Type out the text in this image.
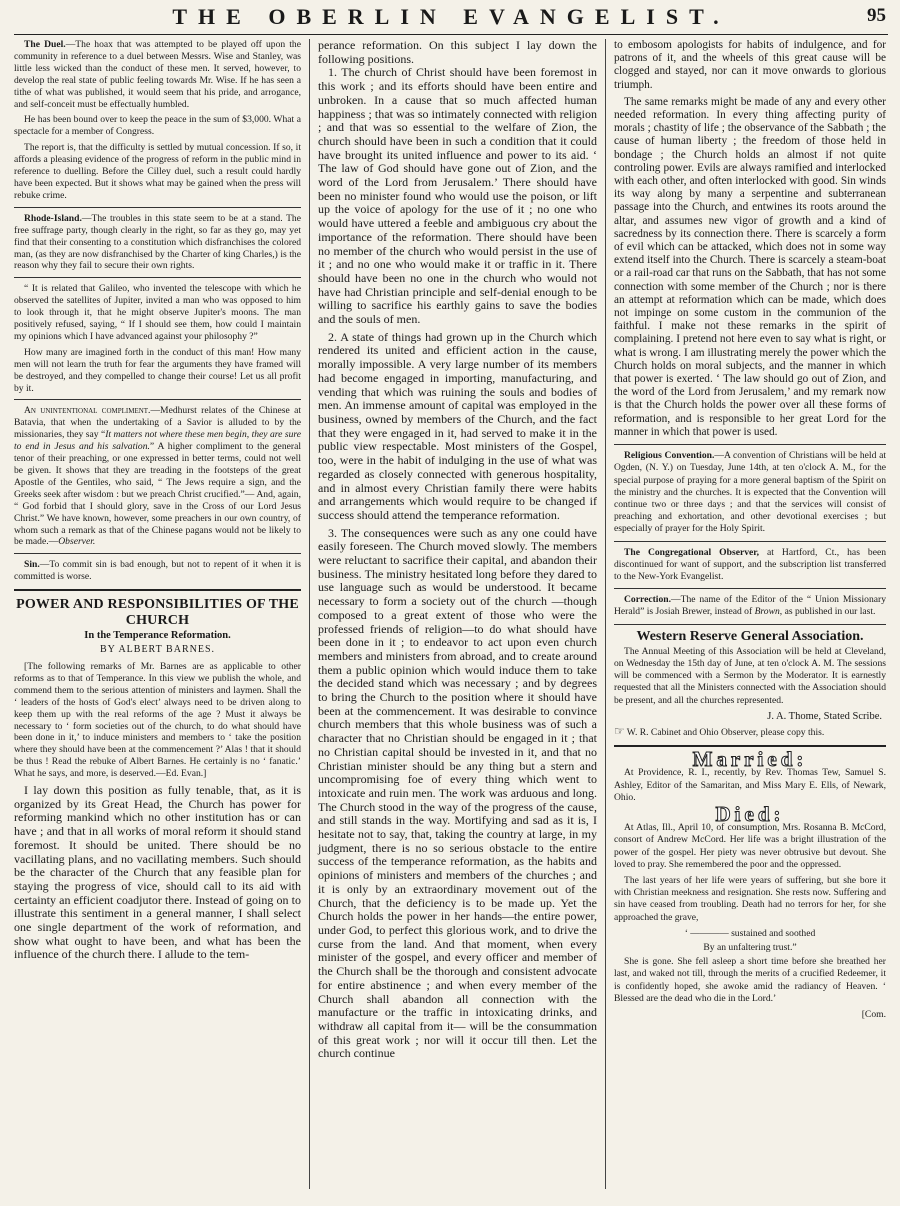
THE OBERLIN EVANGELIST.	95

The Duel.—The hoax that was attempted to be played off upon the community in reference to a duel between Messrs. Wise and Stanley, was little less wicked than the conduct of these men. It served, however, to develop the real state of public feeling towards Mr. Wise. If he has seen a tithe of what was published, it would seem that his pride, and arrogance, and self-conceit must be effectually humbled.

He has been bound over to keep the peace in the sum of $3,000. What a spectacle for a member of Congress.

The report is, that the difficulty is settled by mutual concession. If so, it affords a pleasing evidence of the progress of reform in the public mind in reference to duelling. Before the Cilley duel, such a result could hardly have been expected. But it shows what may be gained when the press will rebuke crime.

Rhode-Island.—The troubles in this state seem to be at a stand. The free suffrage party, though clearly in the right, so far as they go, may yet find that their consenting to a constitution which disfranchises the colored man, (as they are now disfranchised by the Charter of king Charles,) is the reason why they fail to secure their own rights.

“ It is related that Galileo, who invented the telescope with which he observed the satellites of Jupiter, invited a man who was opposed to him to look through it, that he might observe Jupiter's moons. The man positively refused, saying, “ If I should see them, how could I maintain my opinions which I have advanced against your philosophy ?”

How many are imagined forth in the conduct of this man! How many men will not learn the truth for fear the arguments they have framed will be destroyed, and they compelled to change their course! Let us all profit by it.

An unintentional compliment.—Medhurst relates of the Chinese at Batavia, that when the undertaking of a Savior is alluded to by the missionaries, they say “It matters not where these men begin, they are sure to end in Jesus and his salvation.” A higher compliment to the general tenor of their preaching, or one expressed in better terms, could not well be given. It shows that they are treading in the footsteps of the great Apostle of the Gentiles, who said, “ The Jews require a sign, and the Greeks seek after wisdom : but we preach Christ crucified.”— And, again, “ God forbid that I should glory, save in the Cross of our Lord Jesus Christ.” We have known, however, some preachers in our own country, of whom such a remark as that of the Chinese pagans would not be likely to be made.—Observer.

Sin.—To commit sin is bad enough, but not to repent of it when it is committed is worse.

POWER AND RESPONSIBILITIES OF THE CHURCH
In the Temperance Reformation.
BY ALBERT BARNES.

[The following remarks of Mr. Barnes are as applicable to other reforms as to that of Temperance. In this view we publish the whole, and commend them to the serious attention of ministers and laymen. Shall the ‘ leaders of the hosts of God's elect’ always need to be driven along to keep them up with the real reforms of the age ? Must it always be necessary to ‘ form societies out of the church, to do what should have been done in it,’ to induce ministers and members to ‘ take the position where they should have been at the commencement ?’ Alas ! that it should be thus ! Read the rebuke of Albert Barnes. He certainly is no ‘ fanatic.’ What he says, and more, is deserved.—Ed. Evan.]

I lay down this position as fully tenable, that, as it is organized by its Great Head, the Church has power for reforming mankind which no other institution has or can have ; and that in all works of moral reform it should stand foremost. It should be united. There should be no vacillating plans, and no vacillating members. Such should be the character of the Church that any feasible plan for staying the progress of vice, should call to its aid with certainty an efficient coadjutor there. Instead of going on to illustrate this sentiment in a general manner, I shall select one single department of the work of reformation, and show what ought to have been, and what has been the influence of the church there. I allude to the tem-

perance reformation. On this subject I lay down the following positions.

1. The church of Christ should have been foremost in this work ; and its efforts should have been entire and unbroken. In a cause that so much affected human happiness ; that was so intimately connected with religion ; and that was so essential to the welfare of Zion, the church should have been in such a condition that it could have brought its united influence and power to its aid. ‘ The law of God should have gone out of Zion, and the word of the Lord from Jerusalem.’ There should have been no minister found who would use the poison, or lift up the voice of apology for the use of it ; no one who would have uttered a feeble and ambiguous cry about the importance of the reformation. There should have been no member of the church who would persist in the use of it ; and no one who would make it or traffic in it. There should have been no one in the church who would not have had Christian principle and self-denial enough to be willing to sacrifice his earthly gains to save the bodies and the souls of men.

2. A state of things had grown up in the Church which rendered its united and efficient action in the cause, morally impossible. A very large number of its members had become engaged in importing, manufacturing, and vending that which was ruining the souls and bodies of men. An immense amount of capital was employed in the business, owned by members of the Church, and the fact that they were engaged in it, had served to make it in the public view respectable. Most ministers of the Gospel, too, were in the habit of indulging in the use of what was regarded as closely connected with generous hospitality, and in almost every Christian family there were habits and arrangements which would require to be changed if success should attend the temperance reformation.

3. The consequences were such as any one could have easily foreseen. The Church moved slowly. The members were reluctant to sacrifice their capital, and abandon their business. The ministry hesitated long before they dared to use language such as would be understood. It became necessary to form a society out of the church —though composed to a great extent of those who were the professed friends of religion—to do what should have been done in it ; to endeavor to act upon even church members and ministers from abroad, and to create around them a public opinion which would induce them to take the decided stand which was necessary ; and by degrees to bring the Church to the position where it should have been at the commencement. It was desirable to convince church members that this whole business was of such a character that no Christian should be engaged in it ; that no Christian capital should be invested in it, and that no Christian minister should be any thing but a stern and uncompromising foe of every thing which went to intoxicate and ruin men. The work was arduous and long. The Church stood in the way of the progress of the cause, and still stands in the way. Mortifying and sad as it is, I hesitate not to say, that, taking the country at large, in my judgment, there is no so serious obstacle to the entire success of the temperance reformation, as the habits and opinions of ministers and members of the churches ; and it is only by an extraordinary movement out of the Church, that the deficiency is to be made up. Yet the Church holds the power in her hands—the entire power, under God, to perfect this glorious work, and to drive the curse from the land. And that moment, when every minister of the gospel, and every officer and member of the Church shall be the thorough and consistent advocate for entire abstinence ; and when every member of the Church shall abandon all connection with the manufacture or the traffic in intoxicating drinks, and withdraw all capital from it— will be the consummation of this great work ; nor will it occur till then. Let the church continue

to embosom apologists for habits of indulgence, and for patrons of it, and the wheels of this great cause will be clogged and stayed, nor can it move onwards to glorious triumph.

The same remarks might be made of any and every other needed reformation. In every thing affecting purity of morals ; chastity of life ; the observance of the Sabbath ; the cause of human liberty ; the freedom of those held in bondage ; the Church holds an almost if not quite controling power. Evils are always ramified and interlocked with each other, and often interlocked with good. Sin winds its way along by many a serpentine and subterranean passage into the Church, and entwines its roots around the altar, and assumes new vigor of growth and a kind of sacredness by its connection there. There is scarcely a form of evil which can be attacked, which does not in some way extend itself into the Church. There is scarcely a steam-boat or a rail-road car that runs on the Sabbath, that has not some connection with some member of the Church ; nor is there an attempt at reformation which can be made, which does not impinge on some custom in the communion of the faithful. I make not these remarks in the spirit of complaining. I pretend not here even to say what is right, or what is wrong. I am illustrating merely the power which the Church holds on moral subjects, and the manner in which that power is exerted. ‘ The law should go out of Zion, and the word of the Lord from Jerusalem,’ and my remark now is that the Church holds the power over all these forms of reformation, and is responsible to her great Lord for the manner in which that power is used.

Religious Convention.—A convention of Christians will be held at Ogden, (N. Y.) on Tuesday, June 14th, at ten o'clock A. M., for the special purpose of praying for a more general baptism of the Spirit on the ministry and the churches. It is expected that the Convention will continue two or three days ; and that the services will consist of preaching and exhortation, and other devotional exercises ; but especially of prayer for the Holy Spirit.

The Congregational Observer, at Hartford, Ct., has been discontinued for want of support, and the subscription list transferred to the New-York Evangelist.

Correction.—The name of the Editor of the “ Union Missionary Herald” is Josiah Brewer, instead of Brown, as published in our last.

Western Reserve General Association.

The Annual Meeting of this Association will be held at Cleveland, on Wednesday the 15th day of June, at ten o'clock A. M. The sessions will be commenced with a Sermon by the Moderator. It is earnestly requested that all the Ministers connected with the Association should be present, and all the churches represented.

J. A. Thome, Stated Scribe.

☞ W. R. Cabinet and Ohio Observer, please copy this.

Married:

At Providence, R. I., recently, by Rev. Thomas Tew, Samuel S. Ashley, Editor of the Samaritan, and Miss Mary E. Ells, of Newark, Ohio.

Died:

At Atlas, Ill., April 10, of consumption, Mrs. Rosanna B. McCord, consort of Andrew McCord. Her life was a bright illustration of the power of the gospel. Her piety was never obtrusive but devout. She loved to pray. She remembered the poor and the oppressed.

The last years of her life were years of suffering, but she bore it with Christian meekness and resignation. She rests now. Suffering and sin have ceased from troubling. Death had no terrors for her, for she approached the grave,

‘ ———— sustained and soothed

By an unfaltering trust.”

She is gone. She fell asleep a short time before she breathed her last, and waked not till, through the merits of a crucified Redeemer, it is confidently hoped, she awoke amid the radiancy of Heaven. ‘ Blessed are the dead who die in the Lord.’

[Com.
